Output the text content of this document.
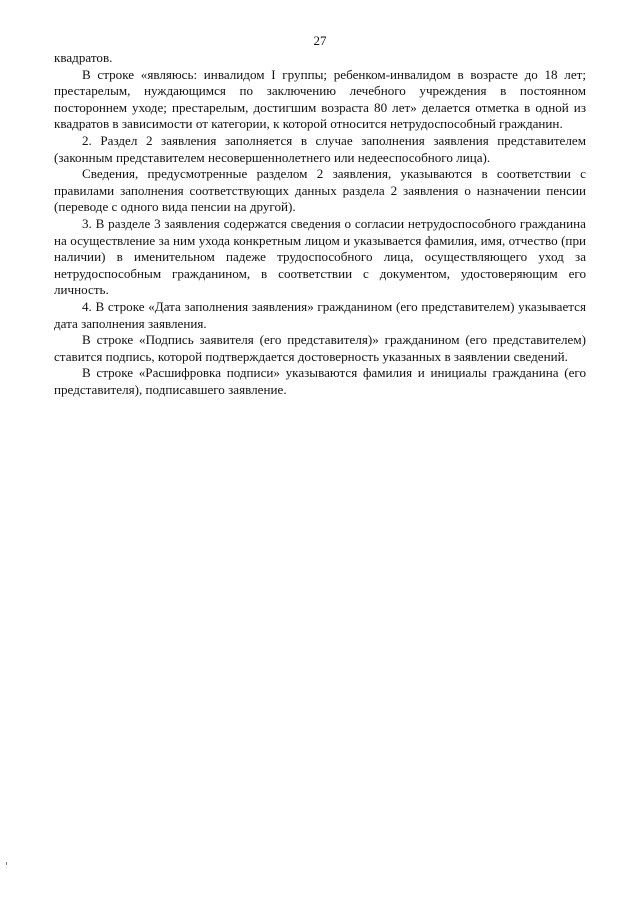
27

квадратов.

В строке «являюсь: инвалидом I группы; ребенком-инвалидом в возрасте до 18 лет; престарелым, нуждающимся по заключению лечебного учреждения в постоянном постороннем уходе; престарелым, достигшим возраста 80 лет» делается отметка в одной из квадратов в зависимости от категории, к которой относится нетрудоспособный гражданин.

2. Раздел 2 заявления заполняется в случае заполнения заявления представителем (законным представителем несовершеннолетнего или недееспособного лица).

Сведения, предусмотренные разделом 2 заявления, указываются в соответствии с правилами заполнения соответствующих данных раздела 2 заявления о назначении пенсии (переводе с одного вида пенсии на другой).

3. В разделе 3 заявления содержатся сведения о согласии нетрудоспособного гражданина на осуществление за ним ухода конкретным лицом и указывается фамилия, имя, отчество (при наличии) в именительном падеже трудоспособного лица, осуществляющего уход за нетрудоспособным гражданином, в соответствии с документом, удостоверяющим его личность.

4. В строке «Дата заполнения заявления» гражданином (его представителем) указывается дата заполнения заявления.

В строке «Подпись заявителя (его представителя)» гражданином (его представителем) ставится подпись, которой подтверждается достоверность указанных в заявлении сведений.

В строке «Расшифровка подписи» указываются фамилия и инициалы гражданина (его представителя), подписавшего заявление.
